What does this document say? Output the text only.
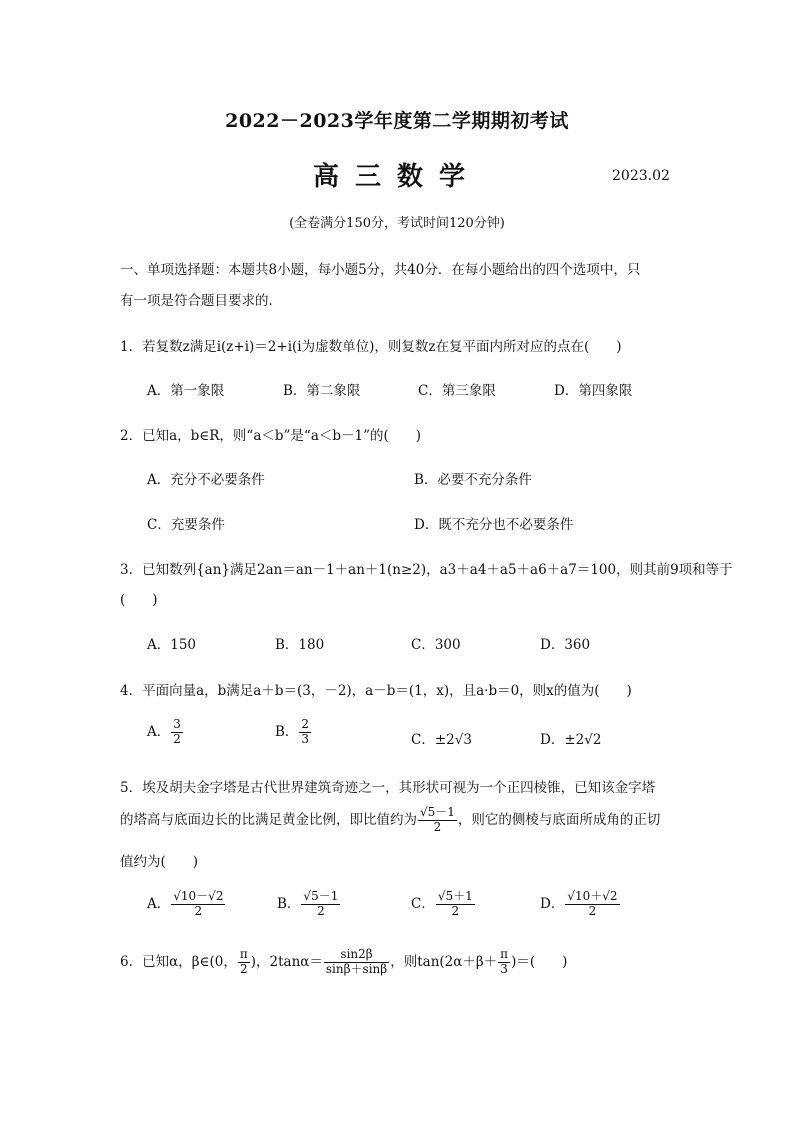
2022－2023学年度第二学期期初考试
高三数学	2023.02
(全卷满分150分，考试时间120分钟)
一、单项选择题：本题共8小题，每小题5分，共40分．在每小题给出的四个选项中，只
有一项是符合题目要求的．
1．若复数z满足i(z+i)＝2+i(i为虚数单位)，则复数z在复平面内所对应的点在(　　)
A．第一象限	B．第二象限	C．第三象限	D．第四象限
2．已知a，b∈R，则“a＜b”是“a＜b－1”的(　　)
A．充分不必要条件	B．必要不充分条件
C．充要条件	D．既不充分也不必要条件
3．已知数列{an}满足2an＝an－1＋an＋1(n≥2)，a3＋a4＋a5＋a6＋a7＝100，则其前9项和等于
(　　)
A．150	B．180	C．300	D．360
4．平面向量a，b满足a＋b＝(3，－2)，a－b＝(1，x)，且a·b＝0，则x的值为(　　)
A． $\frac{3}{2}$	B． $\frac{2}{3}$	C．±2√3	D．±2√2
5．埃及胡夫金字塔是古代世界建筑奇迹之一，其形状可视为一个正四棱锥，已知该金字塔
的塔高与底面边长的比满足黄金比例，即比值约为 $\frac{√5-1}{2}$ ，则它的侧棱与底面所成角的正切
值约为(　　)
A． $\frac{√10-√2}{2}$	B． $\frac{√5-1}{2}$	C． $\frac{√5+1}{2}$	D． $\frac{√10+√2}{2}$
6．已知α，β∈(0， $\frac{\pi}{2}$ )，$2\tan\alpha= \frac{\sin 2\beta}{\sin\beta+\sin\beta}$ ，则$\tan(2\alpha+\beta+ \frac{\pi}{3}$ )＝(　　)
